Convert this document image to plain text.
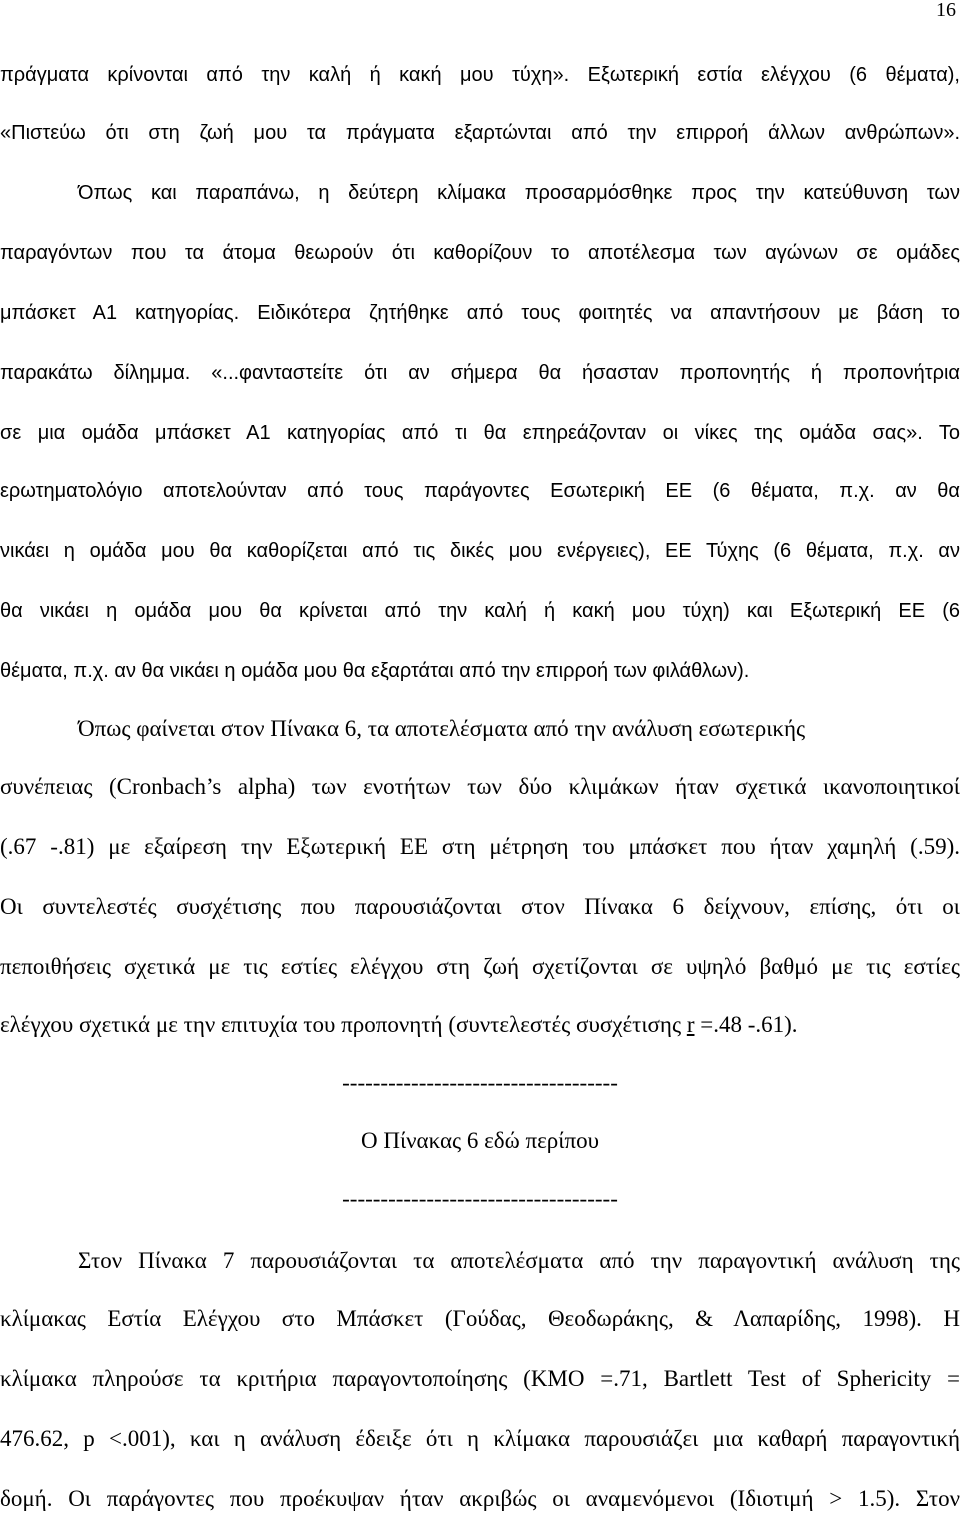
16
πράγματα κρίνονται από την καλή ή κακή μου τύχη». Εξωτερική εστία ελέγχου (6 θέματα),
«Πιστεύω ότι στη ζωή μου τα πράγματα εξαρτώνται από την επιρροή άλλων ανθρώπων».
Όπως και παραπάνω, η δεύτερη κλίμακα προσαρμόσθηκε προς την κατεύθυνση των
παραγόντων που τα άτομα θεωρούν ότι καθορίζουν το αποτέλεσμα των αγώνων σε ομάδες
μπάσκετ Α1 κατηγορίας. Ειδικότερα ζητήθηκε από τους φοιτητές να απαντήσουν με βάση το
παρακάτω δίλημμα. «...φανταστείτε ότι αν σήμερα θα ήσασταν προπονητής ή προπονήτρια
σε μια ομάδα μπάσκετ Α1 κατηγορίας από τι θα επηρεάζονταν οι νίκες της ομάδα σας». Το
ερωτηματολόγιο αποτελούνταν από τους παράγοντες Εσωτερική ΕΕ (6 θέματα, π.χ. αν θα
νικάει η ομάδα μου θα καθορίζεται από τις δικές μου ενέργειες), ΕΕ Τύχης (6 θέματα, π.χ. αν
θα νικάει η ομάδα μου θα κρίνεται από την καλή ή κακή μου τύχη) και Εξωτερική ΕΕ (6
θέματα, π.χ. αν θα νικάει η ομάδα μου θα εξαρτάται από την επιρροή των φιλάθλων).
Όπως φαίνεται στον Πίνακα 6, τα αποτελέσματα από την ανάλυση εσωτερικής
συνέπειας (Cronbach’s alpha) των ενοτήτων των δύο κλιμάκων ήταν σχετικά ικανοποιητικοί
(.67 -.81) με εξαίρεση την Εξωτερική ΕΕ στη μέτρηση του μπάσκετ που ήταν χαμηλή (.59).
Οι συντελεστές συσχέτισης που παρουσιάζονται στον Πίνακα 6 δείχνουν, επίσης, ότι οι
πεποιθήσεις σχετικά με τις εστίες ελέγχου στη ζωή σχετίζονται σε υψηλό βαθμό με τις εστίες
ελέγχου σχετικά με την επιτυχία του προπονητή (συντελεστές συσχέτισης r =.48 -.61).
------------------------------------
Ο Πίνακας 6 εδώ περίπου
------------------------------------
Στον Πίνακα 7 παρουσιάζονται τα αποτελέσματα από την παραγοντική ανάλυση της
κλίμακας Εστία Ελέγχου στο Μπάσκετ (Γούδας, Θεοδωράκης, & Λαπαρίδης, 1998). Η
κλίμακα πληρούσε τα κριτήρια παραγοντοποίησης (KMO =.71, Bartlett Test of Sphericity =
476.62, p <.001), και η ανάλυση έδειξε ότι η κλίμακα παρουσιάζει μια καθαρή παραγοντική
δομή. Οι παράγοντες που προέκυψαν ήταν ακριβώς οι αναμενόμενοι (Ιδιοτιμή > 1.5). Στον
